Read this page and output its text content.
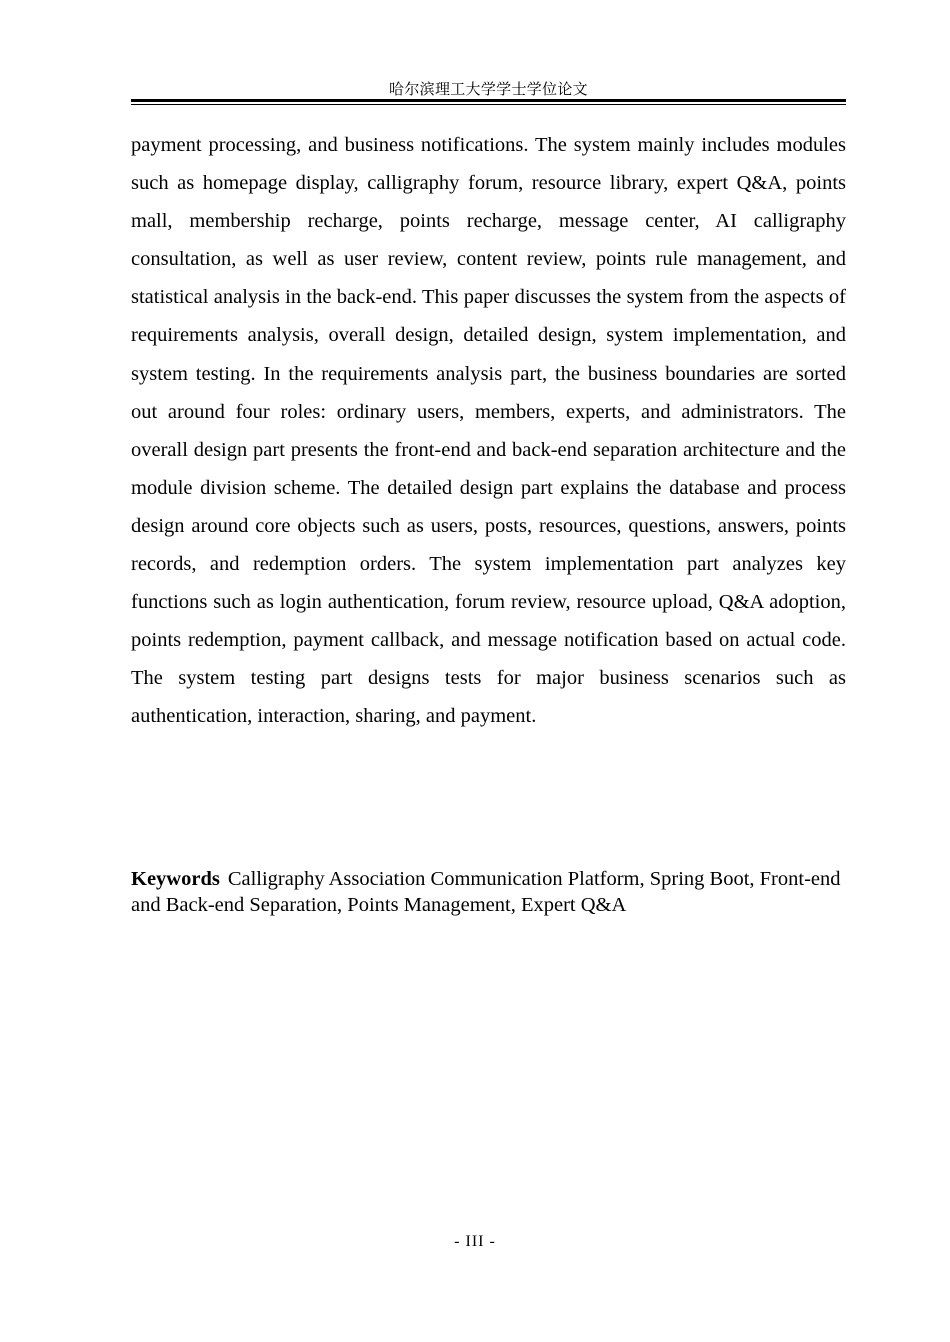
哈尔滨理工大学学士学位论文

payment processing, and business notifications. The system mainly includes modules such as homepage display, calligraphy forum, resource library, expert Q&A, points mall, membership recharge, points recharge, message center, AI calligraphy consultation, as well as user review, content review, points rule management, and statistical analysis in the back-end. This paper discusses the system from the aspects of requirements analysis, overall design, detailed design, system implementation, and system testing. In the requirements analysis part, the business boundaries are sorted out around four roles: ordinary users, members, experts, and administrators. The overall design part presents the front-end and back-end separation architecture and the module division scheme. The detailed design part explains the database and process design around core objects such as users, posts, resources, questions, answers, points records, and redemption orders. The system implementation part analyzes key functions such as login authentication, forum review, resource upload, Q&A adoption, points redemption, payment callback, and message notification based on actual code. The system testing part designs tests for major business scenarios such as authentication, interaction, sharing, and payment.

Keywords Calligraphy Association Communication Platform, Spring Boot, Front-end and Back-end Separation, Points Management, Expert Q&A

- III -
